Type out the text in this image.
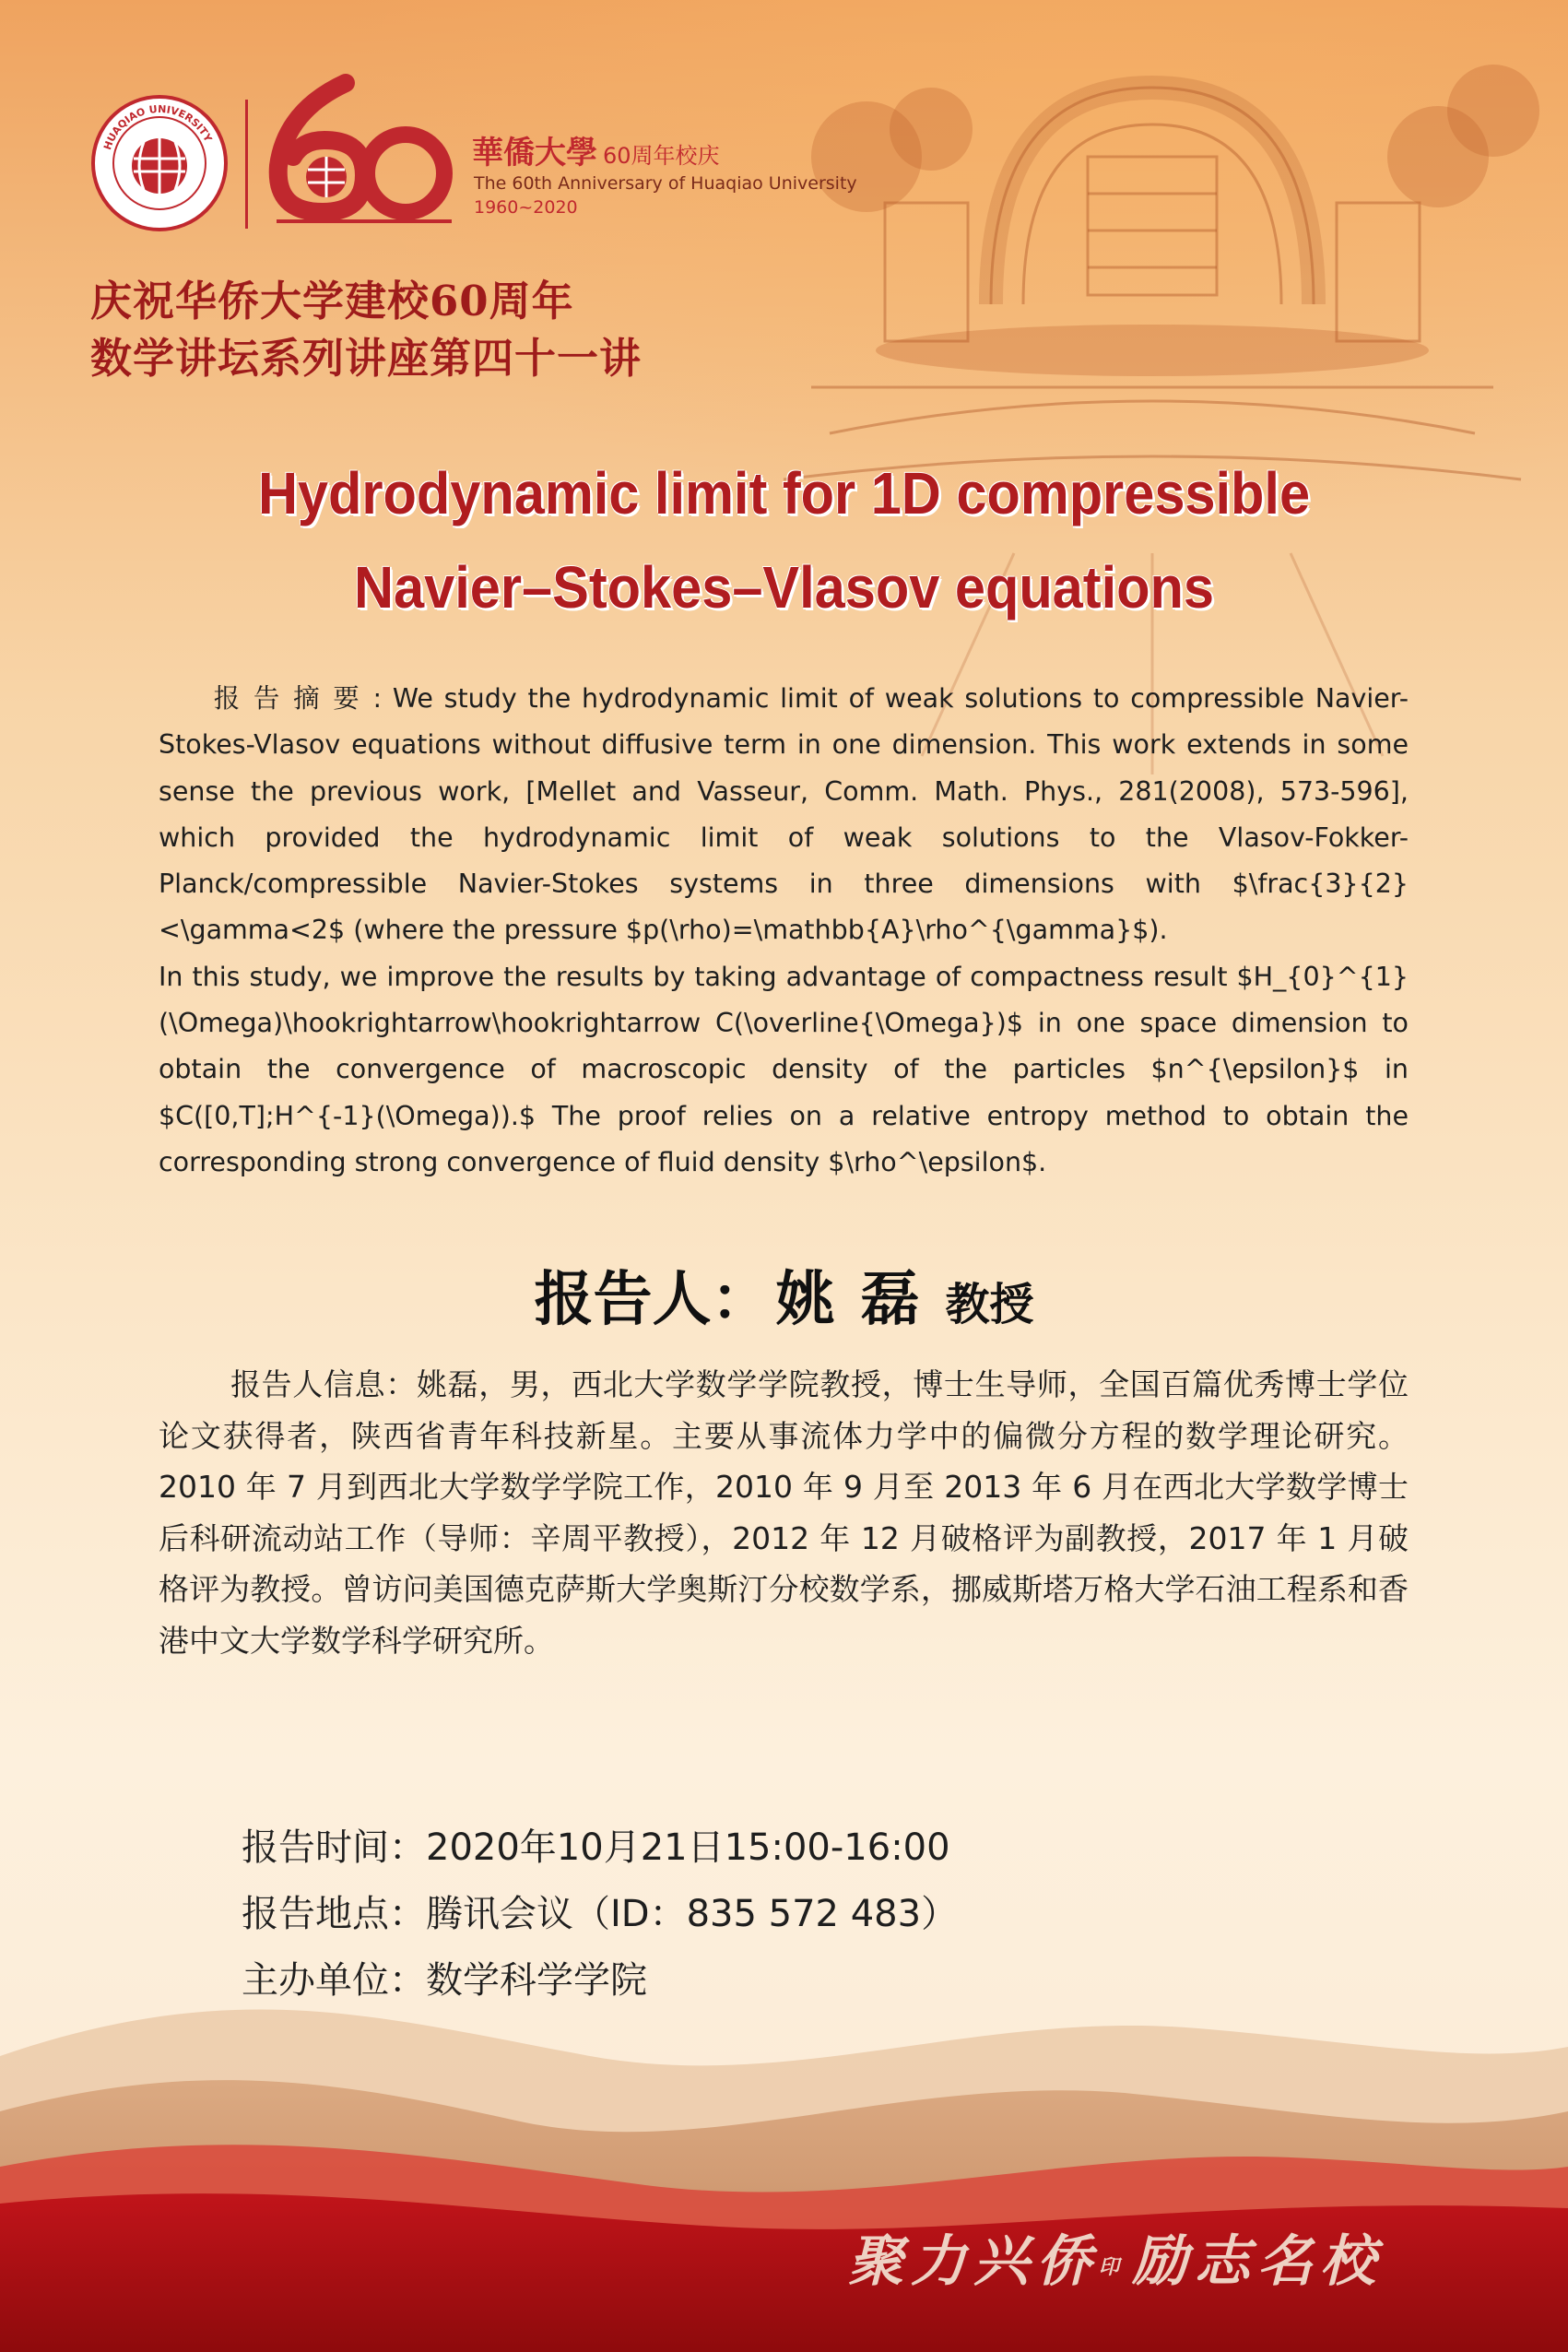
HUAQIAO UNIVERSITY	華僑大學 60周年校庆
The 60th Anniversary of Huaqiao University
1960~2020
庆祝华侨大学建校60周年
数学讲坛系列讲座第四十一讲
Hydrodynamic limit for 1D compressible
Navier–Stokes–Vlasov equations

  报告摘要: We study the hydrodynamic limit of weak solutions to compressible Navier-Stokes-Vlasov equations without diffusive term in one dimension. This work extends in some sense the previous work, [Mellet and Vasseur, Comm. Math. Phys., 281(2008), 573-596], which provided the hydrodynamic limit of weak solutions to the Vlasov-Fokker-Planck/compressible Navier-Stokes systems in three dimensions with $\frac{3}{2}<\gamma<2$ (where the pressure $p(\rho)=\mathbb{A}\rho^{\gamma}$).

In this study, we improve the results by taking advantage of compactness result $H_{0}^{1}(\Omega)\hookrightarrow\hookrightarrow C(\overline{\Omega})$ in one space dimension to obtain the convergence of macroscopic density of the particles $n^{\epsilon}$ in $C([0,T];H^{-1}(\Omega)).$ The proof relies on a relative entropy method to obtain the corresponding strong convergence of fluid density $\rho^\epsilon$.

报告人：姚磊教授
报告人信息：姚磊，男，西北大学数学学院教授，博士生导师，全国百篇优秀博士学位论文获得者，陕西省青年科技新星。主要从事流体力学中的偏微分方程的数学理论研究。2010 年 7 月到西北大学数学学院工作，2010 年 9 月至 2013 年 6 月在西北大学数学博士后科研流动站工作（导师：辛周平教授），2012 年 12 月破格评为副教授，2017 年 1 月破格评为教授。曾访问美国德克萨斯大学奥斯汀分校数学系，挪威斯塔万格大学石油工程系和香港中文大学数学科学研究所。
报告时间：2020年10月21日15:00-16:00
报告地点：腾讯会议（ID：835 572 483）
主办单位：数学科学学院
聚力兴侨印励志名校
